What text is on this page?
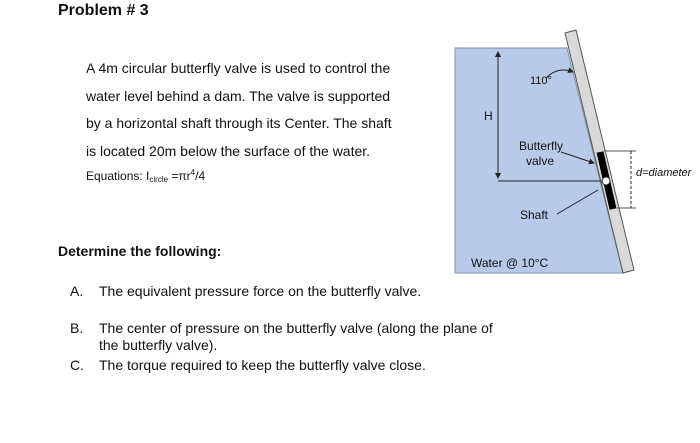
Problem # 3
A 4m circular butterfly valve is used to control the
water level behind a dam. The valve is supported
by a horizontal shaft through its Center. The shaft
is located 20m below the surface of the water.
Equations: $I_{circle} =\pi r^4/4$
Determine the following:
A. The equivalent pressure force on the butterfly valve.
B. The center of pressure on the butterfly valve (along the plane of
the butterfly valve).
C. The torque required to keep the butterfly valve close.
110°
H
Butterfly
valve
Shaft
Water @ 10°C
d=diameter
